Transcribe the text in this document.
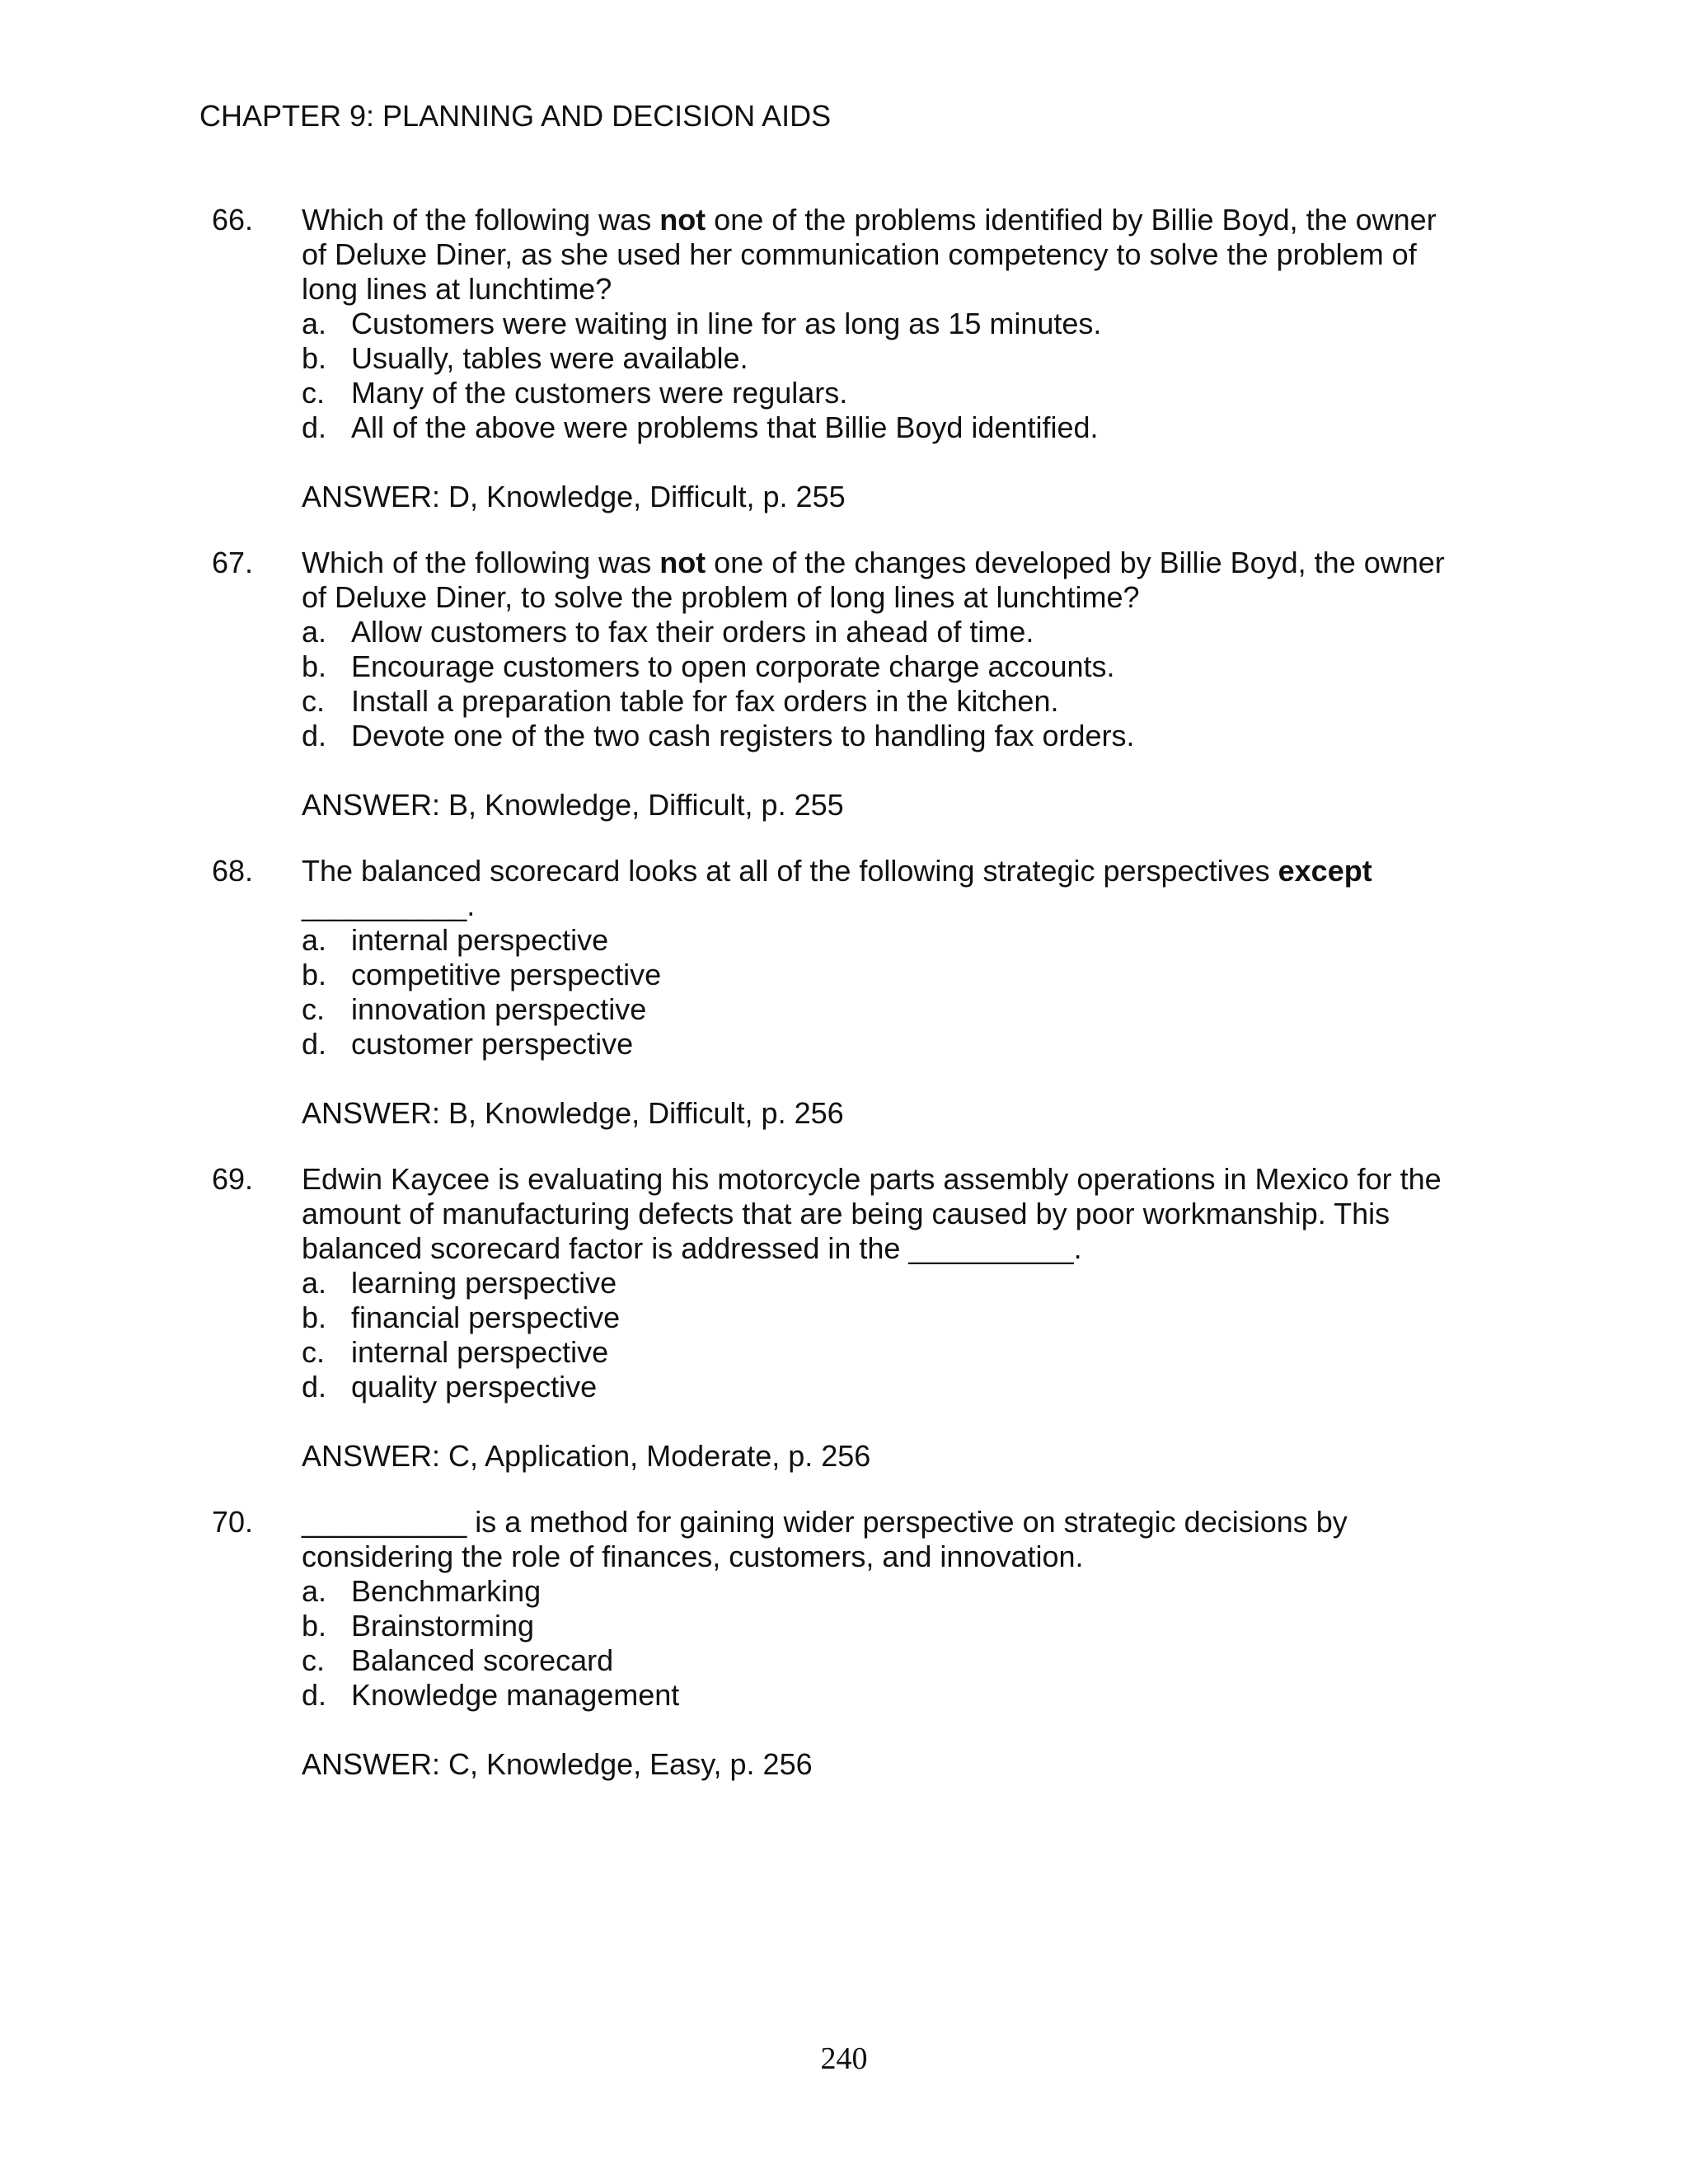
CHAPTER 9: PLANNING AND DECISION AIDS
66. Which of the following was not one of the problems identified by Billie Boyd, the owner
of Deluxe Diner, as she used her communication competency to solve the problem of
long lines at lunchtime?
a. Customers were waiting in line for as long as 15 minutes.
b. Usually, tables were available.
c. Many of the customers were regulars.
d. All of the above were problems that Billie Boyd identified.
ANSWER: D, Knowledge, Difficult, p. 255
67. Which of the following was not one of the changes developed by Billie Boyd, the owner
of Deluxe Diner, to solve the problem of long lines at lunchtime?
a. Allow customers to fax their orders in ahead of time.
b. Encourage customers to open corporate charge accounts.
c. Install a preparation table for fax orders in the kitchen.
d. Devote one of the two cash registers to handling fax orders.
ANSWER: B, Knowledge, Difficult, p. 255
68. The balanced scorecard looks at all of the following strategic perspectives except
__________.
a. internal perspective
b. competitive perspective
c. innovation perspective
d. customer perspective
ANSWER: B, Knowledge, Difficult, p. 256
69. Edwin Kaycee is evaluating his motorcycle parts assembly operations in Mexico for the
amount of manufacturing defects that are being caused by poor workmanship. This
balanced scorecard factor is addressed in the __________.
a. learning perspective
b. financial perspective
c. internal perspective
d. quality perspective
ANSWER: C, Application, Moderate, p. 256
70. __________ is a method for gaining wider perspective on strategic decisions by
considering the role of finances, customers, and innovation.
a. Benchmarking
b. Brainstorming
c. Balanced scorecard
d. Knowledge management
ANSWER: C, Knowledge, Easy, p. 256
240
